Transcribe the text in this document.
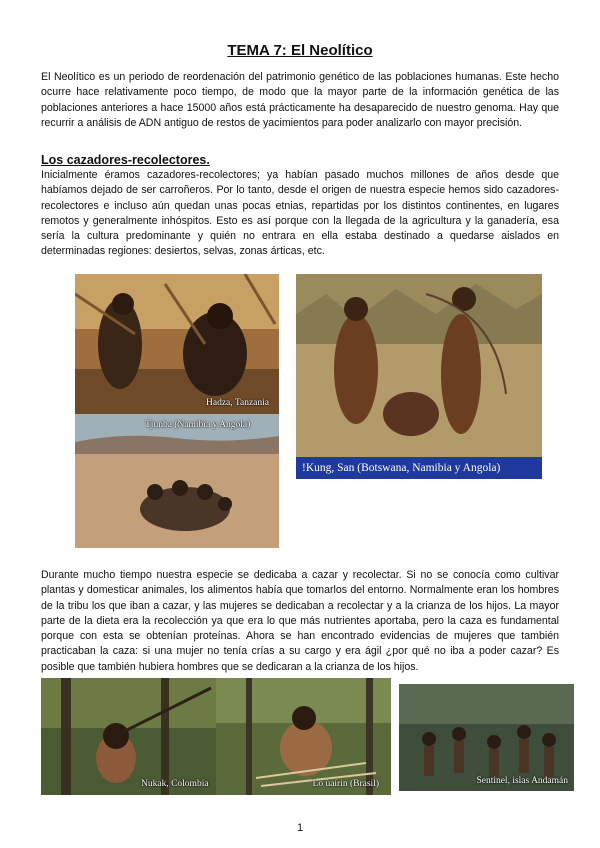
TEMA 7: El Neolítico

El Neolítico es un periodo de reordenación del patrimonio genético de las poblaciones humanas. Este hecho ocurre hace relativamente poco tiempo, de modo que la mayor parte de la información genética de las poblaciones anteriores a hace 15000 años está prácticamente ha desaparecido de nuestro genoma. Hay que recurrir a análisis de ADN antiguo de restos de yacimientos para poder analizarlo con mayor precisión.

Los cazadores-recolectores.

Inicialmente éramos cazadores-recolectores; ya habían pasado muchos millones de años desde que habíamos dejado de ser carroñeros. Por lo tanto, desde el origen de nuestra especie hemos sido cazadores-recolectores e incluso aún quedan unas pocas etnias, repartidas por los distintos continentes, en lugares remotos y generalmente inhóspitos. Esto es así porque con la llegada de la agricultura y la ganadería, esa sería la cultura predominante y quién no entrara en ella estaba destinado a quedarse aislados en determinadas regiones: desiertos, selvas, zonas árticas, etc.

Hadza, Tanzania
Tjunba (Namibia y Angola)
!Kung, San (Botswana, Namibia y Angola)

Durante mucho tiempo nuestra especie se dedicaba a cazar y recolectar. Si no se conocía como cultivar plantas y domesticar animales, los alimentos había que tomarlos del entorno. Normalmente eran los hombres de la tribu los que iban a cazar, y las mujeres se dedicaban a recolectar y a la crianza de los hijos. La mayor parte de la dieta era la recolección ya que era lo que más nutrientes aportaba, pero la caza es fundamental porque con esta se obtenían proteínas. Ahora se han encontrado evidencias de mujeres que también practicaban la caza: si una mujer no tenía crías a su cargo y era ágil ¿por qué no iba a poder cazar? Es posible que también hubiera hombres que se dedicaran a la crianza de los hijos.

Nukak, Colombia	Lo ùaírin (Brasil)	Sentinel, islas Andamán

1
